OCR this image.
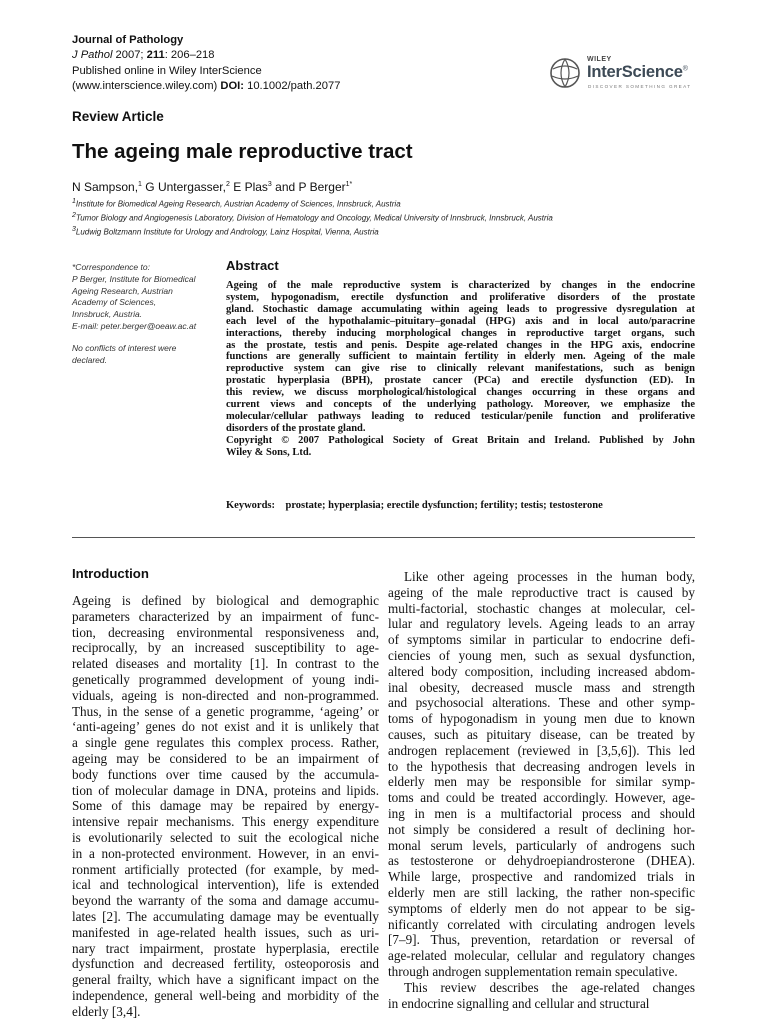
Journal of Pathology
J Pathol 2007; 211: 206–218
Published online in Wiley InterScience
(www.interscience.wiley.com) DOI: 10.1002/path.2077
WILEY
InterScience®
DISCOVER SOMETHING GREAT
Review Article
The ageing male reproductive tract
N Sampson,$^1$ G Untergasser,$^2$ E Plas$^3$ and P Berger$^{1*}$
$^1$Institute for Biomedical Ageing Research, Austrian Academy of Sciences, Innsbruck, Austria
$^2$Tumor Biology and Angiogenesis Laboratory, Division of Hematology and Oncology, Medical University of Innsbruck, Innsbruck, Austria
$^3$Ludwig Boltzmann Institute for Urology and Andrology, Lainz Hospital, Vienna, Austria
*Correspondence to:
P Berger, Institute for Biomedical
Ageing Research, Austrian
Academy of Sciences,
Innsbruck, Austria.
E-mail: peter.berger@oeaw.ac.at
No conflicts of interest were
declared.
Abstract
Ageing of the male reproductive system is characterized by changes in the endocrine
system, hypogonadism, erectile dysfunction and proliferative disorders of the prostate
gland. Stochastic damage accumulating within ageing leads to progressive dysregulation at
each level of the hypothalamic–pituitary–gonadal (HPG) axis and in local auto/paracrine
interactions, thereby inducing morphological changes in reproductive target organs, such
as the prostate, testis and penis. Despite age-related changes in the HPG axis, endocrine
functions are generally sufficient to maintain fertility in elderly men. Ageing of the male
reproductive system can give rise to clinically relevant manifestations, such as benign
prostatic hyperplasia (BPH), prostate cancer (PCa) and erectile dysfunction (ED). In
this review, we discuss morphological/histological changes occurring in these organs and
current views and concepts of the underlying pathology. Moreover, we emphasize the
molecular/cellular pathways leading to reduced testicular/penile function and proliferative
disorders of the prostate gland.
Copyright © 2007 Pathological Society of Great Britain and Ireland. Published by John
Wiley & Sons, Ltd.
Keywords: prostate; hyperplasia; erectile dysfunction; fertility; testis; testosterone
Introduction
Ageing is defined by biological and demographic
parameters characterized by an impairment of func-
tion, decreasing environmental responsiveness and,
reciprocally, by an increased susceptibility to age-
related diseases and mortality [1]. In contrast to the
genetically programmed development of young indi-
viduals, ageing is non-directed and non-programmed.
Thus, in the sense of a genetic programme, ‘ageing’ or
‘anti-ageing’ genes do not exist and it is unlikely that
a single gene regulates this complex process. Rather,
ageing may be considered to be an impairment of
body functions over time caused by the accumula-
tion of molecular damage in DNA, proteins and lipids.
Some of this damage may be repaired by energy-
intensive repair mechanisms. This energy expenditure
is evolutionarily selected to suit the ecological niche
in a non-protected environment. However, in an envi-
ronment artificially protected (for example, by med-
ical and technological intervention), life is extended
beyond the warranty of the soma and damage accumu-
lates [2]. The accumulating damage may be eventually
manifested in age-related health issues, such as uri-
nary tract impairment, prostate hyperplasia, erectile
dysfunction and decreased fertility, osteoporosis and
general frailty, which have a significant impact on the
independence, general well-being and morbidity of the
elderly [3,4].
Like other ageing processes in the human body,
ageing of the male reproductive tract is caused by
multi-factorial, stochastic changes at molecular, cel-
lular and regulatory levels. Ageing leads to an array
of symptoms similar in particular to endocrine defi-
ciencies of young men, such as sexual dysfunction,
altered body composition, including increased abdom-
inal obesity, decreased muscle mass and strength
and psychosocial alterations. These and other symp-
toms of hypogonadism in young men due to known
causes, such as pituitary disease, can be treated by
androgen replacement (reviewed in [3,5,6]). This led
to the hypothesis that decreasing androgen levels in
elderly men may be responsible for similar symp-
toms and could be treated accordingly. However, age-
ing in men is a multifactorial process and should
not simply be considered a result of declining hor-
monal serum levels, particularly of androgens such
as testosterone or dehydroepiandrosterone (DHEA).
While large, prospective and randomized trials in
elderly men are still lacking, the rather non-specific
symptoms of elderly men do not appear to be sig-
nificantly correlated with circulating androgen levels
[7–9]. Thus, prevention, retardation or reversal of
age-related molecular, cellular and regulatory changes
through androgen supplementation remain speculative.
This review describes the age-related changes
in endocrine signalling and cellular and structural
